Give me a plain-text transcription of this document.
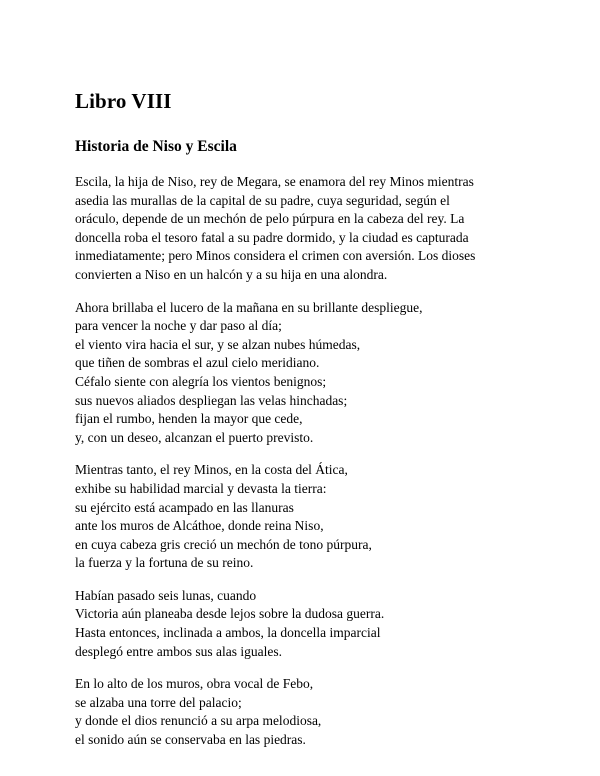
Libro VIII
Historia de Niso y Escila

Escila, la hija de Niso, rey de Megara, se enamora del rey Minos mientras
asedia las murallas de la capital de su padre, cuya seguridad, según el
oráculo, depende de un mechón de pelo púrpura en la cabeza del rey. La
doncella roba el tesoro fatal a su padre dormido, y la ciudad es capturada
inmediatamente; pero Minos considera el crimen con aversión. Los dioses
convierten a Niso en un halcón y a su hija en una alondra.

Ahora brillaba el lucero de la mañana en su brillante despliegue,
para vencer la noche y dar paso al día;
el viento vira hacia el sur, y se alzan nubes húmedas,
que tiñen de sombras el azul cielo meridiano.
Céfalo siente con alegría los vientos benignos;
sus nuevos aliados despliegan las velas hinchadas;
fijan el rumbo, henden la mayor que cede,
y, con un deseo, alcanzan el puerto previsto.

Mientras tanto, el rey Minos, en la costa del Ática,
exhibe su habilidad marcial y devasta la tierra:
su ejército está acampado en las llanuras
ante los muros de Alcáthoe, donde reina Niso,
en cuya cabeza gris creció un mechón de tono púrpura,
la fuerza y la fortuna de su reino.

Habían pasado seis lunas, cuando
Victoria aún planeaba desde lejos sobre la dudosa guerra.
Hasta entonces, inclinada a ambos, la doncella imparcial
desplegó entre ambos sus alas iguales.

En lo alto de los muros, obra vocal de Febo,
se alzaba una torre del palacio;
y donde el dios renunció a su arpa melodiosa,
el sonido aún se conservaba en las piedras.
